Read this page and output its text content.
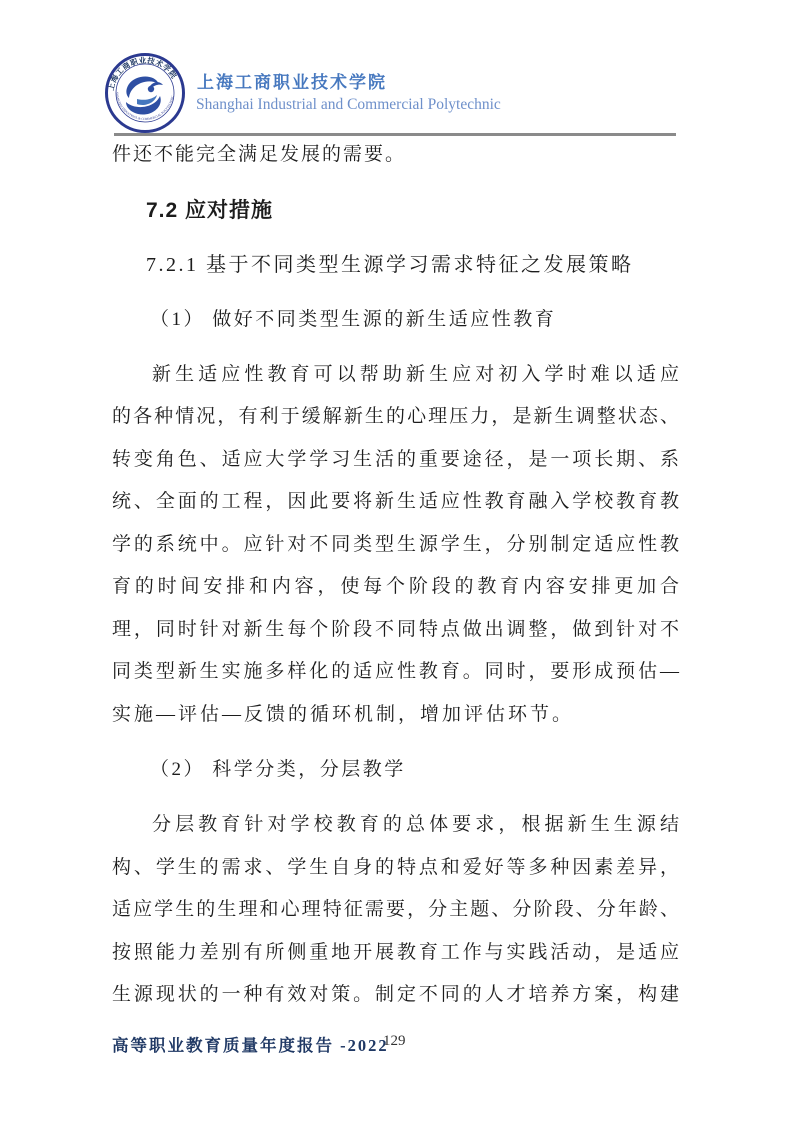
上海工商职业技术学院
SHANGHAI INDUSTRIAL & COMMERCIAL POLYTECHNIC
上海工商职业技术学院
Shanghai Industrial and Commercial Polytechnic
件还不能完全满足发展的需要。
7.2 应对措施
7.2.1 基于不同类型生源学习需求特征之发展策略
（1） 做好不同类型生源的新生适应性教育
新生适应性教育可以帮助新生应对初入学时难以适应
的各种情况，有利于缓解新生的心理压力，是新生调整状态、
转变角色、适应大学学习生活的重要途径，是一项长期、系
统、全面的工程，因此要将新生适应性教育融入学校教育教
学的系统中。应针对不同类型生源学生，分别制定适应性教
育的时间安排和内容，使每个阶段的教育内容安排更加合
理，同时针对新生每个阶段不同特点做出调整，做到针对不
同类型新生实施多样化的适应性教育。同时，要形成预估—
实施—评估—反馈的循环机制，增加评估环节。
（2） 科学分类，分层教学
分层教育针对学校教育的总体要求，根据新生生源结
构、学生的需求、学生自身的特点和爱好等多种因素差异，
适应学生的生理和心理特征需要，分主题、分阶段、分年龄、
按照能力差别有所侧重地开展教育工作与实践活动，是适应
生源现状的一种有效对策。制定不同的人才培养方案，构建
高等职业教育质量年度报告 -2022
129
